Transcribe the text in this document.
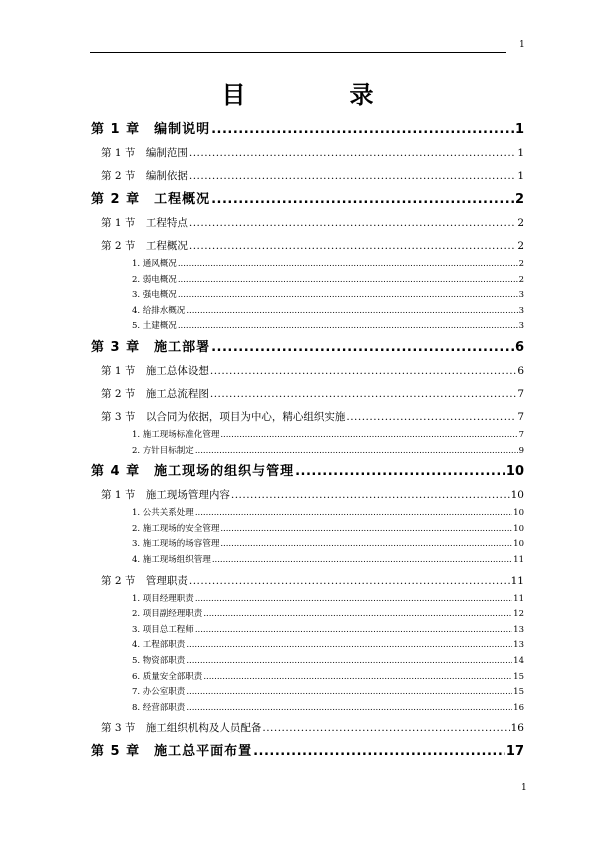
1
目　录
第 1 章　编制说明 .....	1
第 1 节　编制范围 .....	1
第 2 节　编制依据 .....	1
第 2 章　工程概况 .....	2
第 1 节　工程特点 .....	2
第 2 节　工程概况 .....	2
1. 通风概况 .....	2
2. 弱电概况 .....	2
3. 强电概况 .....	3
4. 给排水概况 .....	3
5. 土建概况 .....	3
第 3 章　施工部署 .....	6
第 1 节　施工总体设想 .....	6
第 2 节　施工总流程图 .....	7
第 3 节　以合同为依据，项目为中心，精心组织实施 .....	7
1. 施工现场标准化管理 .....	7
2. 方针目标制定 .....	9
第 4 章　施工现场的组织与管理 .....	10
第 1 节　施工现场管理内容 .....	10
1. 公共关系处理 .....	10
2. 施工现场的安全管理 .....	10
3. 施工现场的场容管理 .....	10
4. 施工现场组织管理 .....	11
第 2 节　管理职责 .....	11
1. 项目经理职责 .....	11
2. 项目副经理职责 .....	12
3. 项目总工程师 .....	13
4. 工程部职责 .....	13
5. 物资部职责 .....	14
6. 质量安全部职责 .....	15
7. 办公室职责 .....	15
8. 经营部职责 .....	16
第 3 节　施工组织机构及人员配备 .....	16
第 5 章　施工总平面布置 .....	17
1
